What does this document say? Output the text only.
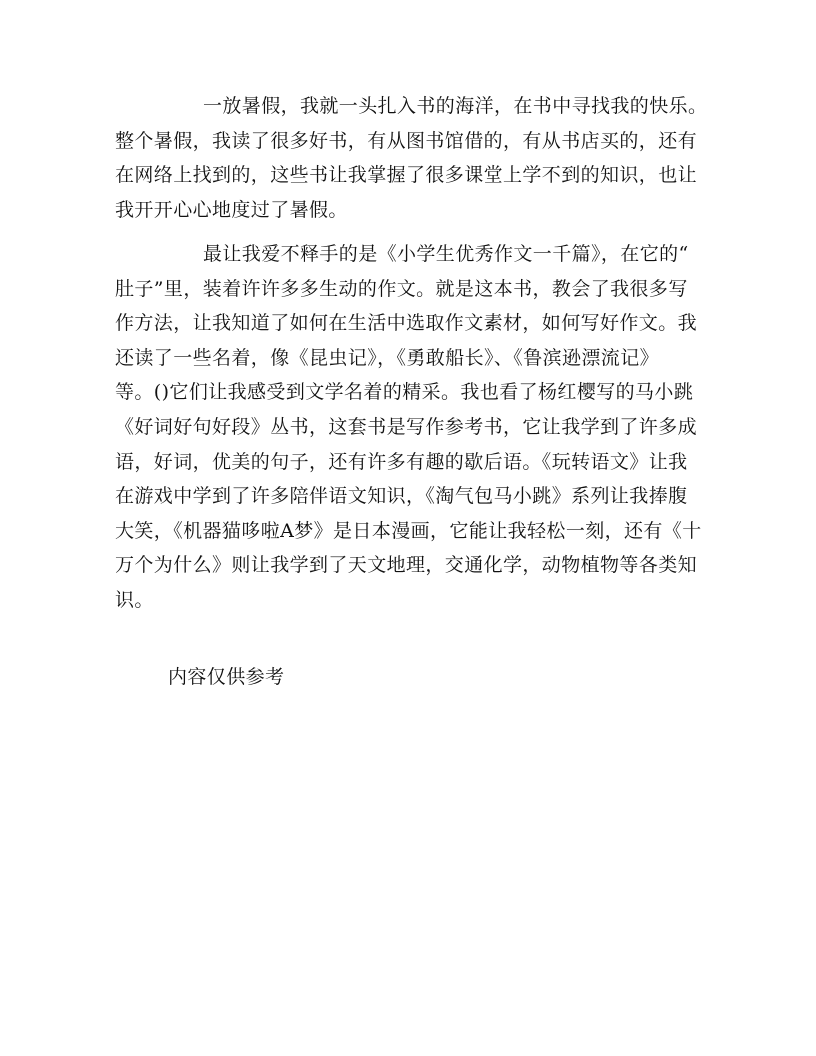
一放暑假，我就一头扎入书的海洋，在书中寻找我的快乐。
整个暑假，我读了很多好书，有从图书馆借的，有从书店买的，还有
在网络上找到的，这些书让我掌握了很多课堂上学不到的知识，也让
我开开心心地度过了暑假。
最让我爱不释手的是《小学生优秀作文一千篇》，在它的“
肚子”里，装着许许多多生动的作文。就是这本书，教会了我很多写
作方法，让我知道了如何在生活中选取作文素材，如何写好作文。我
还读了一些名着，像《昆虫记》，《勇敢船长》、《鲁滨逊漂流记》
等。()它们让我感受到文学名着的精采。我也看了杨红樱写的马小跳
《好词好句好段》丛书，这套书是写作参考书，它让我学到了许多成
语，好词，优美的句子，还有许多有趣的歇后语。《玩转语文》让我
在游戏中学到了许多陪伴语文知识，《淘气包马小跳》系列让我捧腹
大笑，《机器猫哆啦A梦》是日本漫画，它能让我轻松一刻，还有《十
万个为什么》则让我学到了天文地理，交通化学，动物植物等各类知
识。
内容仅供参考
